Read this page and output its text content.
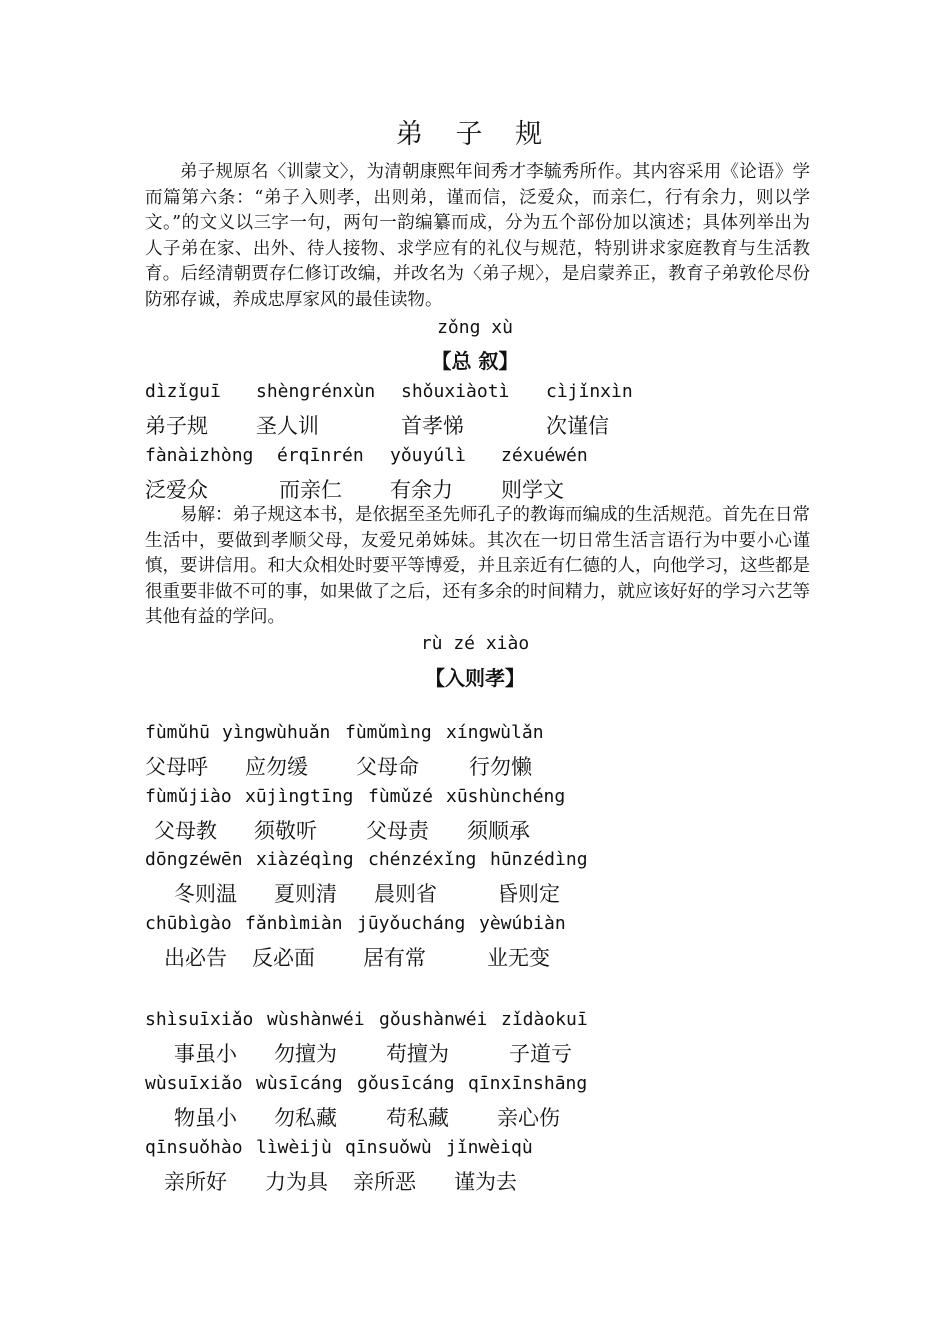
弟 子 规

弟子规原名〈训蒙文〉，为清朝康熙年间秀才李毓秀所作。其内容采用《论语》学而篇第六条：“弟子入则孝，出则弟，谨而信，泛爱众，而亲仁，行有余力，则以学文。”的文义以三字一句，两句一韵编纂而成，分为五个部份加以演述；具体列举出为人子弟在家、出外、待人接物、求学应有的礼仪与规范，特别讲求家庭教育与生活教育。后经清朝贾存仁修订改编，并改名为〈弟子规〉，是启蒙养正，教育子弟敦伦尽份防邪存诚，养成忠厚家风的最佳读物。

zǒng xù
【总 叙】
dìzǐguī shèngrénxùn shǒuxiàotì cìjǐnxìn
弟子规 圣人训	首孝悌	次谨信
fànàizhòng érqīnrén yǒuyúlì zéxuéwén
泛爱众	而亲仁 有余力 则学文

易解：弟子规这本书，是依据至圣先师孔子的教诲而编成的生活规范。首先在日常生活中，要做到孝顺父母，友爱兄弟姊妹。其次在一切日常生活言语行为中要小心谨慎，要讲信用。和大众相处时要平等博爱，并且亲近有仁德的人，向他学习，这些都是很重要非做不可的事，如果做了之后，还有多余的时间精力，就应该好好的学习六艺等其他有益的学问。

rù zé xiào
【入则孝】
fùmǔhū yìngwùhuǎn fùmǔmìng xíngwùlǎn
父母呼 应勿缓 父母命 行勿懒
fùmǔjiào xūjìngtīng fùmǔzé xūshùnchéng
父母教 须敬听 父母责 须顺承
dōngzéwēn xiàzéqìng chénzéxǐng hūnzédìng
冬则温 夏则清 晨则省	昏则定
chūbìgào fǎnbìmiàn jūyǒucháng yèwúbiàn
出必告 反必面 居有常	业无变
shìsuīxiǎo wùshànwéi gǒushànwéi zǐdàokuī
事虽小 勿擅为 苟擅为	子道亏
wùsuīxiǎo wùsīcáng gǒusīcáng qīnxīnshāng
物虽小 勿私藏 苟私藏 亲心伤
qīnsuǒhào lìwèijù qīnsuǒwù jǐnwèiqù
亲所好 力为具 亲所恶 谨为去
